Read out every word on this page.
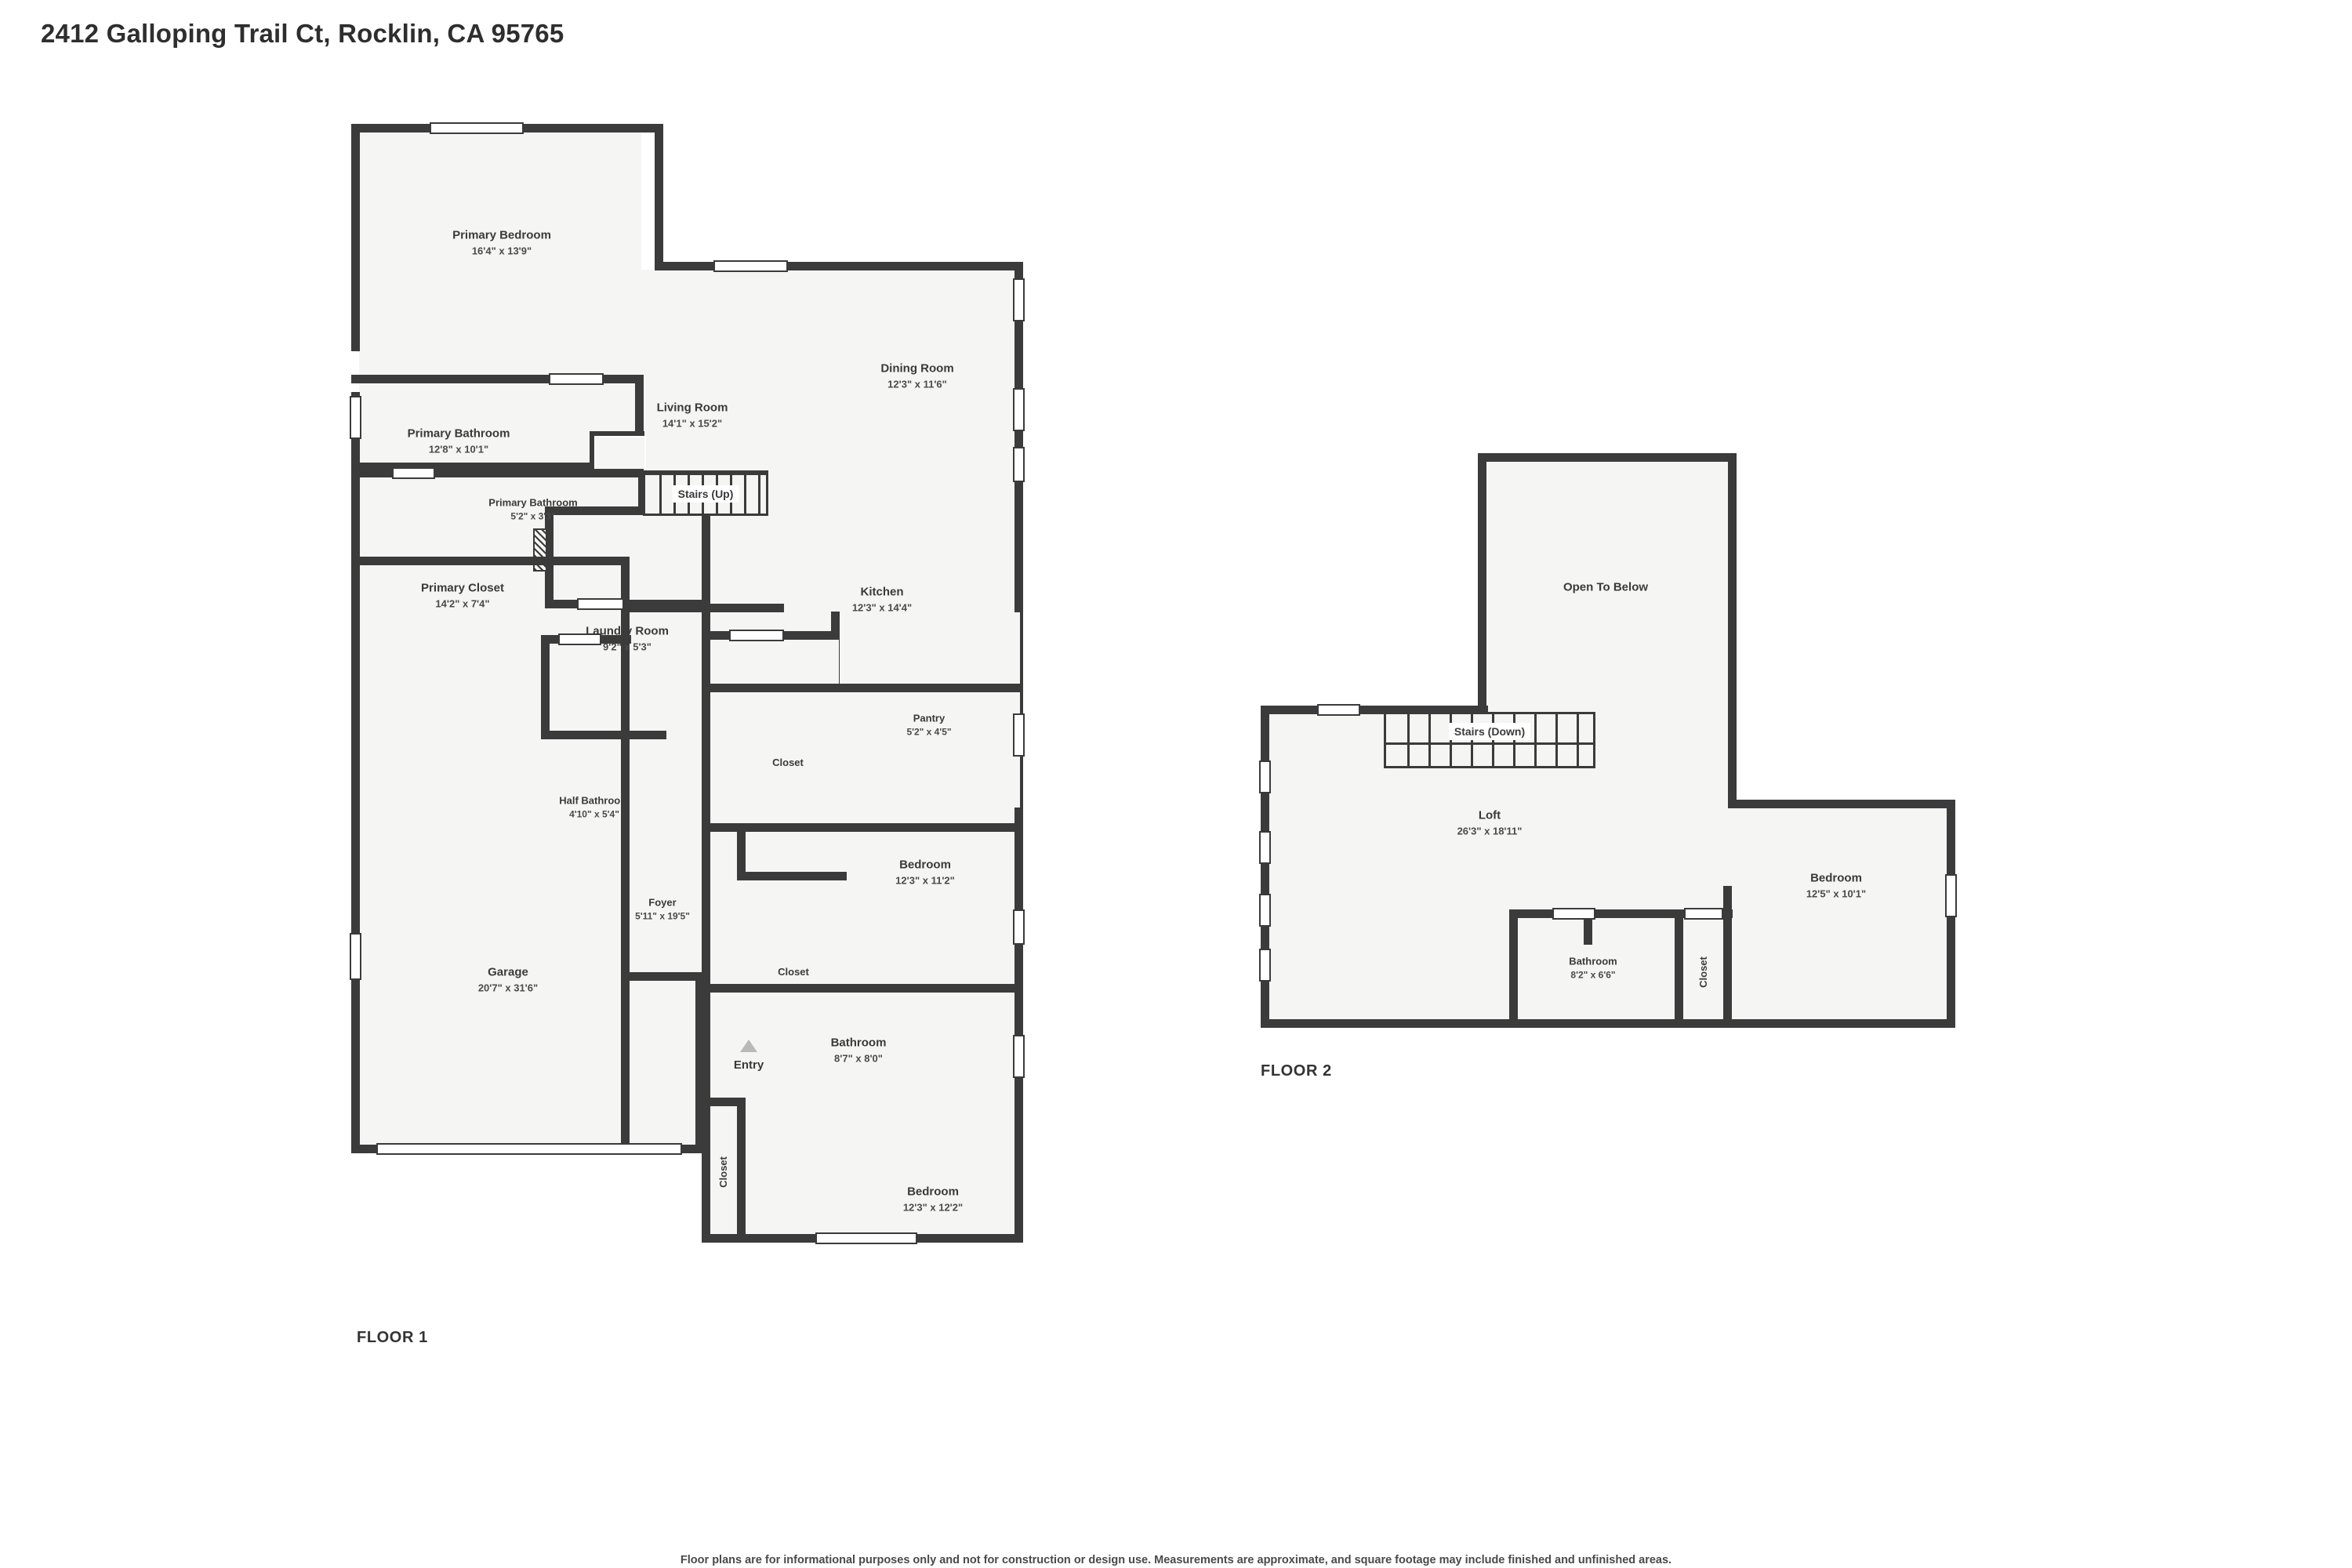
2412 Galloping Trail Ct, Rocklin, CA 95765
Stairs (Up)
Entry
Primary Bedroom
16'4" x 13'9"
Living Room
14'1" x 15'2"
Dining Room
12'3" x 11'6"
Primary Bathroom
12'8" x 10'1"
Primary Bathroom
5'2" x 3'3"
Primary Closet
14'2" x 7'4"
Kitchen
12'3" x 14'4"
Laundry Room
9'2" x 5'3"
Pantry
5'2" x 4'5"
Closet
Half Bathroom
4'10" x 5'4"
Bedroom
12'3" x 11'2"
Foyer
5'11" x 19'5"
Closet
Bathroom
8'7" x 8'0"
Garage
20'7" x 31'6"
Bedroom
12'3" x 12'2"
Closet
FLOOR 1
Stairs (Down)
Open To Below
Loft
26'3" x 18'11"
Bathroom
8'2" x 6'6"	Closet
Bedroom
12'5" x 10'1"
FLOOR 2
Floor plans are for informational purposes only and not for construction or design use. Measurements are approximate, and square footage may include finished and unfinished areas.
